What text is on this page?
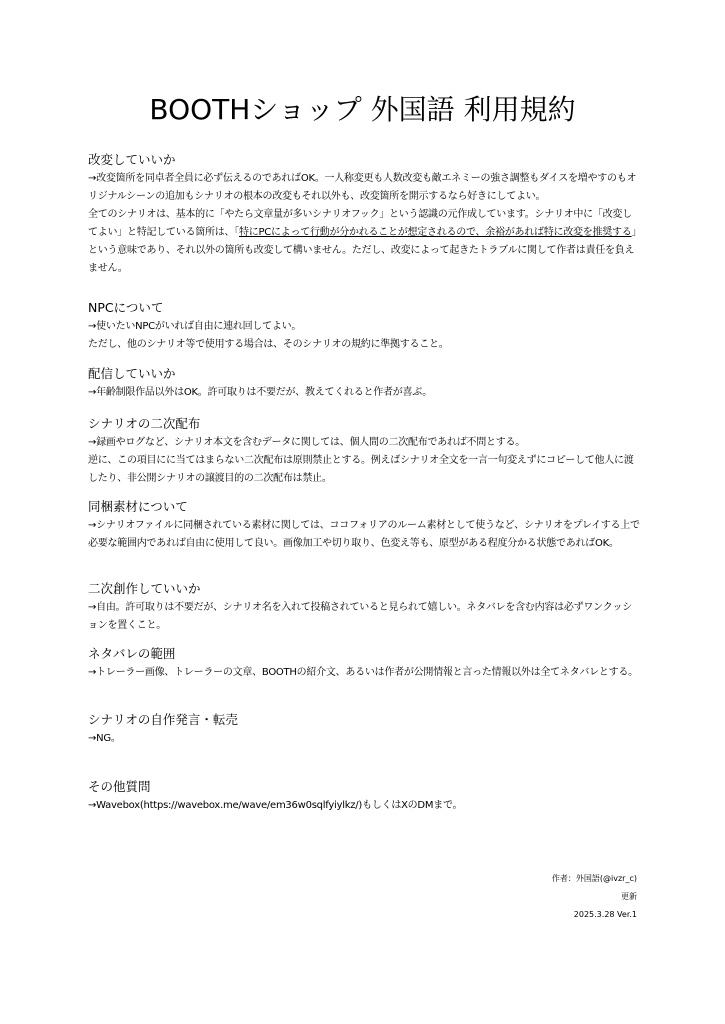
BOOTHショップ 外国語 利用規約
改変していいか

→改変箇所を同卓者全員に必ず伝えるのであればOK。一人称変更も人数改変も敵エネミーの強さ調整もダイスを増やすのもオリジナルシーンの追加もシナリオの根本の改変もそれ以外も、改変箇所を開示するなら好きにしてよい。

全てのシナリオは、基本的に「やたら文章量が多いシナリオフック」という認識の元作成しています。シナリオ中に「改変してよい」と特記している箇所は、「特にPCによって行動が分かれることが想定されるので、余裕があれば特に改変を推奨する」という意味であり、それ以外の箇所も改変して構いません。ただし、改変によって起きたトラブルに関して作者は責任を負えません。

NPCについて

→使いたいNPCがいれば自由に連れ回してよい。

ただし、他のシナリオ等で使用する場合は、そのシナリオの規約に準拠すること。

配信していいか

→年齢制限作品以外はOK。許可取りは不要だが、教えてくれると作者が喜ぶ。

シナリオの二次配布

→録画やログなど、シナリオ本文を含むデータに関しては、個人間の二次配布であれば不問とする。

逆に、この項目にに当てはまらない二次配布は原則禁止とする。例えばシナリオ全文を一言一句変えずにコピーして他人に渡したり、非公開シナリオの譲渡目的の二次配布は禁止。

同梱素材について

→シナリオファイルに同梱されている素材に関しては、ココフォリアのルーム素材として使うなど、シナリオをプレイする上で必要な範囲内であれば自由に使用して良い。画像加工や切り取り、色変え等も、原型がある程度分かる状態であればOK。

二次創作していいか

→自由。許可取りは不要だが、シナリオ名を入れて投稿されていると見られて嬉しい。ネタバレを含む内容は必ずワンクッションを置くこと。

ネタバレの範囲

→トレーラー画像、トレーラーの文章、BOOTHの紹介文、あるいは作者が公開情報と言った情報以外は全てネタバレとする。

シナリオの自作発言・転売

→NG。

その他質問

→Wavebox(https://wavebox.me/wave/em36w0sqlfyiylkz/)もしくはXのDMまで。

作者：外国語(@ivzr_c)
更新
2025.3.28 Ver.1
